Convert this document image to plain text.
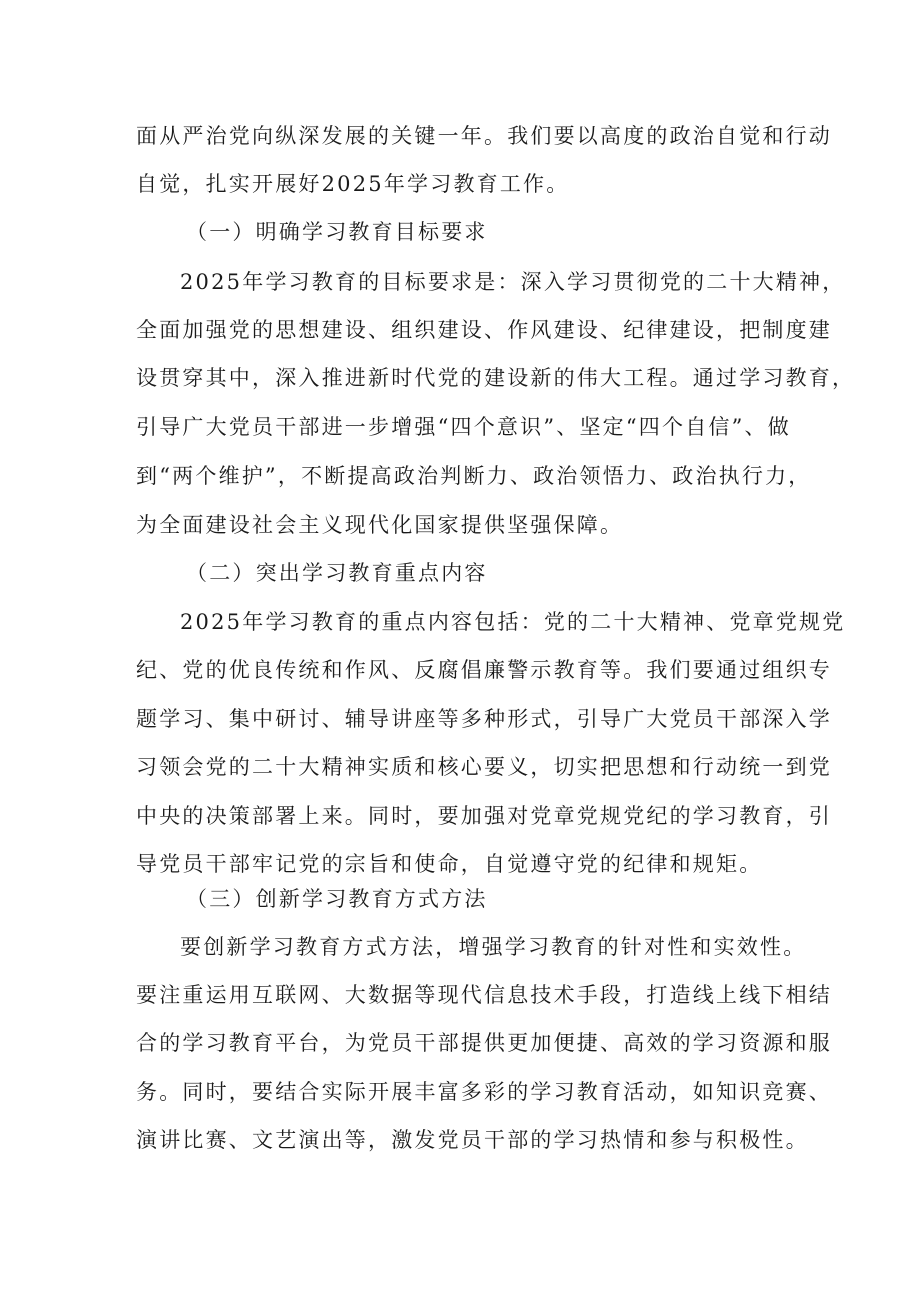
面从严治党向纵深发展的关键一年。我们要以高度的政治自觉和行动
自觉，扎实开展好2025年学习教育工作。
（一）明确学习教育目标要求
2025年学习教育的目标要求是：深入学习贯彻党的二十大精神，
全面加强党的思想建设、组织建设、作风建设、纪律建设，把制度建
设贯穿其中，深入推进新时代党的建设新的伟大工程。通过学习教育，
引导广大党员干部进一步增强“四个意识”、坚定“四个自信”、做
到“两个维护”，不断提高政治判断力、政治领悟力、政治执行力，
为全面建设社会主义现代化国家提供坚强保障。
（二）突出学习教育重点内容
2025年学习教育的重点内容包括：党的二十大精神、党章党规党
纪、党的优良传统和作风、反腐倡廉警示教育等。我们要通过组织专
题学习、集中研讨、辅导讲座等多种形式，引导广大党员干部深入学
习领会党的二十大精神实质和核心要义，切实把思想和行动统一到党
中央的决策部署上来。同时，要加强对党章党规党纪的学习教育，引
导党员干部牢记党的宗旨和使命，自觉遵守党的纪律和规矩。
（三）创新学习教育方式方法
要创新学习教育方式方法，增强学习教育的针对性和实效性。
要注重运用互联网、大数据等现代信息技术手段，打造线上线下相结
合的学习教育平台，为党员干部提供更加便捷、高效的学习资源和服
务。同时，要结合实际开展丰富多彩的学习教育活动，如知识竞赛、
演讲比赛、文艺演出等，激发党员干部的学习热情和参与积极性。
